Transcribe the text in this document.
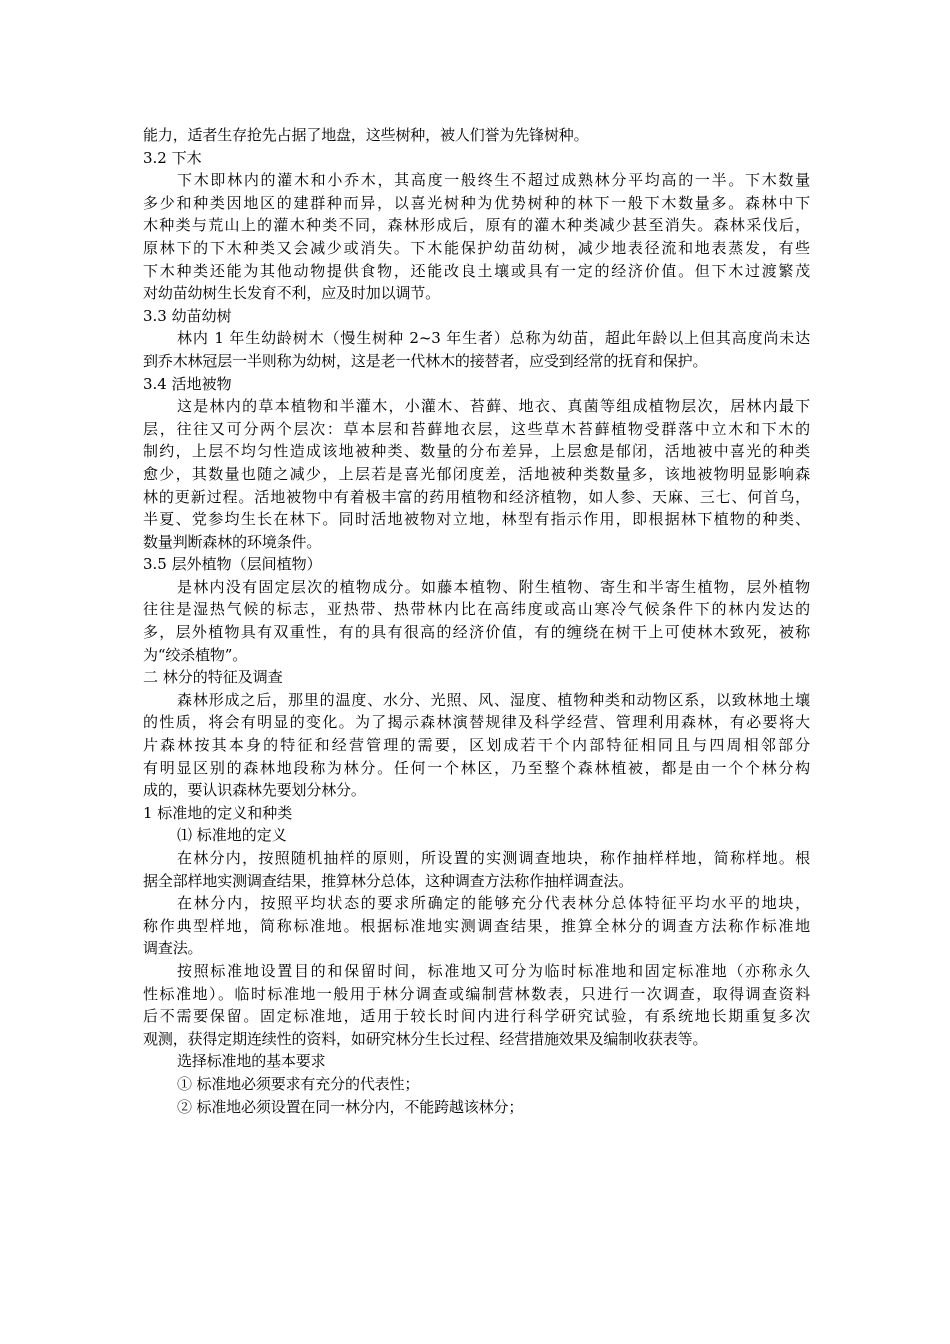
能力，适者生存抢先占据了地盘，这些树种，被人们誉为先锋树种。
3.2 下木
下木即林内的灌木和小乔木，其高度一般终生不超过成熟林分平均高的一半。下木数量
多少和种类因地区的建群种而异，以喜光树种为优势树种的林下一般下木数量多。森林中下
木种类与荒山上的灌木种类不同，森林形成后，原有的灌木种类减少甚至消失。森林采伐后，
原林下的下木种类又会减少或消失。下木能保护幼苗幼树，减少地表径流和地表蒸发，有些
下木种类还能为其他动物提供食物，还能改良土壤或具有一定的经济价值。但下木过渡繁茂
对幼苗幼树生长发育不利，应及时加以调节。
3.3 幼苗幼树
林内 1 年生幼龄树木（慢生树种 2~3 年生者）总称为幼苗，超此年龄以上但其高度尚未达
到乔木林冠层一半则称为幼树，这是老一代林木的接替者，应受到经常的抚育和保护。
3.4 活地被物
这是林内的草本植物和半灌木，小灌木、苔藓、地衣、真菌等组成植物层次，居林内最下
层，往往又可分两个层次：草本层和苔藓地衣层，这些草木苔藓植物受群落中立木和下木的
制约，上层不均匀性造成该地被种类、数量的分布差异，上层愈是郁闭，活地被中喜光的种类
愈少，其数量也随之减少，上层若是喜光郁闭度差，活地被种类数量多，该地被物明显影响森
林的更新过程。活地被物中有着极丰富的药用植物和经济植物，如人参、天麻、三七、何首乌，
半夏、党参均生长在林下。同时活地被物对立地，林型有指示作用，即根据林下植物的种类、
数量判断森林的环境条件。
3.5 层外植物（层间植物）
是林内没有固定层次的植物成分。如藤本植物、附生植物、寄生和半寄生植物，层外植物
往往是湿热气候的标志，亚热带、热带林内比在高纬度或高山寒冷气候条件下的林内发达的
多，层外植物具有双重性，有的具有很高的经济价值，有的缠绕在树干上可使林木致死，被称
为“绞杀植物”。
二 林分的特征及调查
森林形成之后，那里的温度、水分、光照、风、湿度、植物种类和动物区系，以致林地土壤
的性质，将会有明显的变化。为了揭示森林演替规律及科学经营、管理利用森林，有必要将大
片森林按其本身的特征和经营管理的需要，区划成若干个内部特征相同且与四周相邻部分
有明显区别的森林地段称为林分。任何一个林区，乃至整个森林植被，都是由一个个林分构
成的，要认识森林先要划分林分。
1 标准地的定义和种类
⑴ 标准地的定义
在林分内，按照随机抽样的原则，所设置的实测调查地块，称作抽样样地，简称样地。根
据全部样地实测调查结果，推算林分总体，这种调查方法称作抽样调查法。
在林分内，按照平均状态的要求所确定的能够充分代表林分总体特征平均水平的地块，
称作典型样地，简称标准地。根据标准地实测调查结果，推算全林分的调查方法称作标准地
调查法。
按照标准地设置目的和保留时间，标准地又可分为临时标准地和固定标准地（亦称永久
性标准地）。临时标准地一般用于林分调查或编制营林数表，只进行一次调查，取得调查资料
后不需要保留。固定标准地，适用于较长时间内进行科学研究试验，有系统地长期重复多次
观测，获得定期连续性的资料，如研究林分生长过程、经营措施效果及编制收获表等。
选择标准地的基本要求
① 标准地必须要求有充分的代表性；
② 标准地必须设置在同一林分内，不能跨越该林分；
